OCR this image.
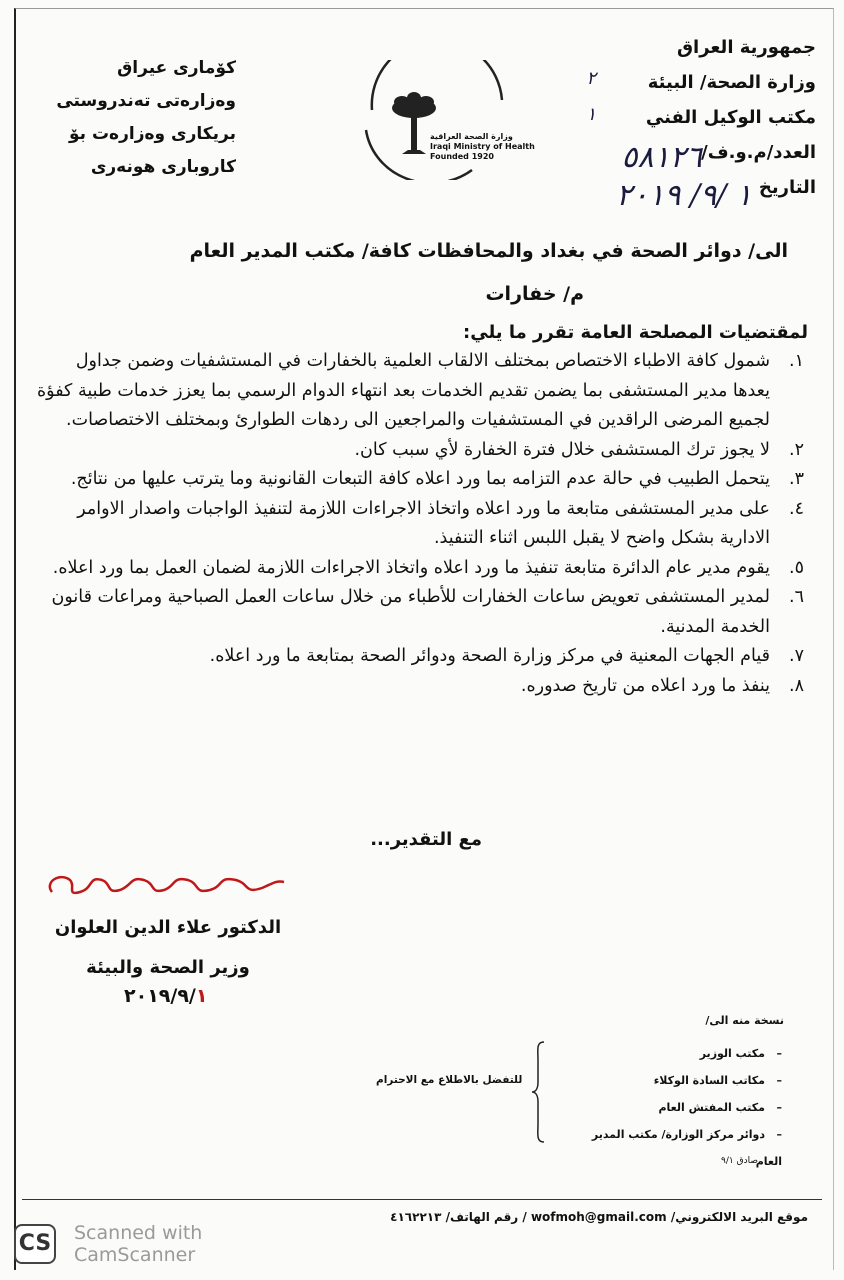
جمهورية العراق
وزارة الصحة/ البيئة
مكتب الوكيل الفني
العدد/م.و.ف/
التاريخ
٢
١
٥٨١٢٦
١ /٩/ ٢٠١٩
وزارة الصحة العراقية
Iraqi Ministry of Health
Founded 1920
كۆماری عیراق
وەزارەتی تەندروستی
بریکاری وەزارەت بۆ
کاروباری هونەری
الى/ دوائر الصحة في بغداد والمحافظات كافة/ مكتب المدير العام
م/ خفارات
لمقتضيات المصلحة العامة تقرر ما يلي:
١.
شمول كافة الاطباء الاختصاص بمختلف الالقاب العلمية بالخفارات في المستشفيات وضمن جداول يعدها مدير المستشفى بما يضمن تقديم الخدمات بعد انتهاء الدوام الرسمي بما يعزز خدمات طبية كفؤة لجميع المرضى الراقدين في المستشفيات والمراجعين الى ردهات الطوارئ وبمختلف الاختصاصات.
٢.
لا يجوز ترك المستشفى خلال فترة الخفارة لأي سبب كان.
٣.
يتحمل الطبيب في حالة عدم التزامه بما ورد اعلاه كافة التبعات القانونية وما يترتب عليها من نتائج.
٤.
على مدير المستشفى متابعة ما ورد اعلاه واتخاذ الاجراءات اللازمة لتنفيذ الواجبات واصدار الاوامر الادارية بشكل واضح لا يقبل اللبس اثناء التنفيذ.
٥.
يقوم مدير عام الدائرة متابعة تنفيذ ما ورد اعلاه واتخاذ الاجراءات اللازمة لضمان العمل بما ورد اعلاه.
٦.
لمدير المستشفى تعويض ساعات الخفارات للأطباء من خلال ساعات العمل الصباحية ومراعات قانون الخدمة المدنية.
٧.
قيام الجهات المعنية في مركز وزارة الصحة ودوائر الصحة بمتابعة ما ورد اعلاه.
٨.
ينفذ ما ورد اعلاه من تاريخ صدوره.
مع التقدير...
الدكتور علاء الدين العلوان
وزير الصحة والبيئة
٢٠١٩/٩/١
نسخة منه الى/
–   مكتب الوزير
–   مكاتب السادة الوكلاء
–   مكتب المفتش العام
–   دوائر مركز الوزارة/ مكتب المدير العام
للتفضل بالاطلاع مع الاحترام
صادق ٩/١
موقع البريد الالكتروني/ wofmoh@gmail.com / رقم الهاتف/ ٤١٦٢٢١٣
CS Scanned with
CamScanner
